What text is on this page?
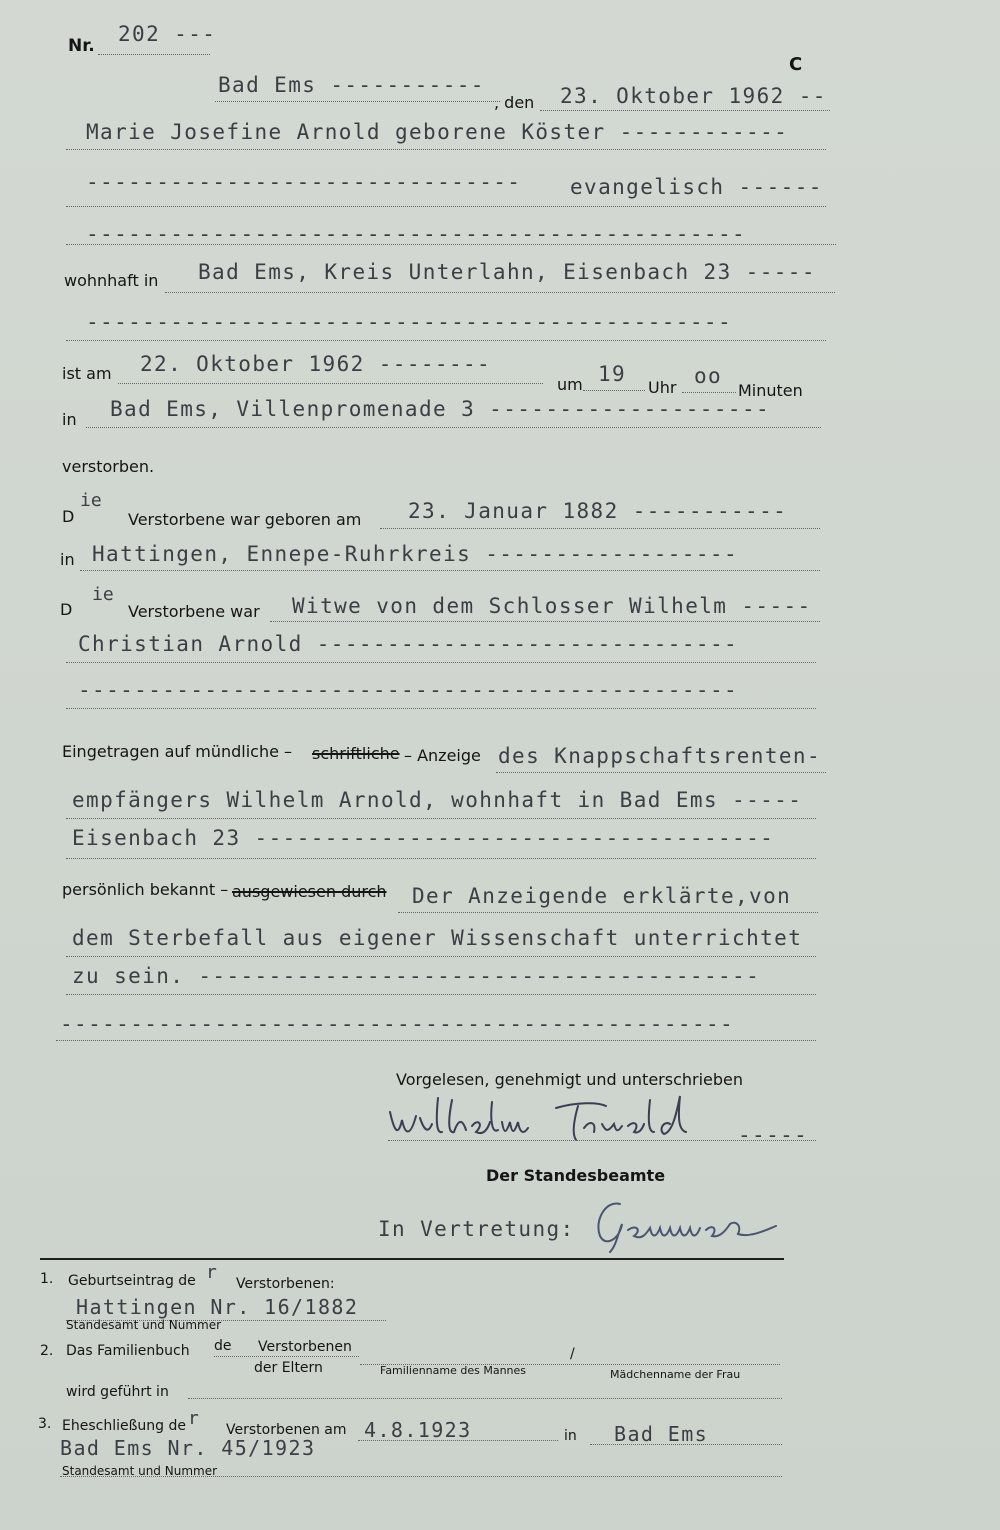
Nr. 202 ---
C
Bad Ems -----------
, den 23. Oktober 1962 --
Marie Josefine Arnold geborene Köster ------------
------------------------------- evangelisch ------
-----------------------------------------------
wohnhaft in Bad Ems, Kreis Unterlahn, Eisenbach 23 -----
----------------------------------------------
ist am 22. Oktober 1962 --------
um 19
Uhr oo
Minuten
in Bad Ems, Villenpromenade 3 --------------------
verstorben.
D
ie
Verstorbene war geboren am 23. Januar 1882 -----------
in Hattingen, Ennepe-Ruhrkreis ------------------
D
ie
Verstorbene war Witwe von dem Schlosser Wilhelm -----
Christian Arnold ------------------------------
-----------------------------------------------
Eingetragen auf mündliche – schriftliche – Anzeige des Knappschaftsrenten-
empfängers Wilhelm Arnold, wohnhaft in Bad Ems -----
Eisenbach 23 -------------------------------------
persönlich bekannt – ausgewiesen durch Der Anzeigende erklärte,von
dem Sterbefall aus eigener Wissenschaft unterrichtet
zu sein. ----------------------------------------
------------------------------------------------
Vorgelesen, genehmigt und unterschrieben
-----
Der Standesbeamte
In Vertretung:
1. Geburtseintrag de r
Verstorbenen:
Hattingen Nr. 16/1882
Standesamt und Nummer
2. Das Familienbuch de Verstorbenen
der Eltern
/
Familienname des Mannes	Mädchenname der Frau
wird geführt in
3. Eheschließung de r
Verstorbenen am 4.8.1923	in Bad Ems
Bad Ems Nr. 45/1923
Standesamt und Nummer
